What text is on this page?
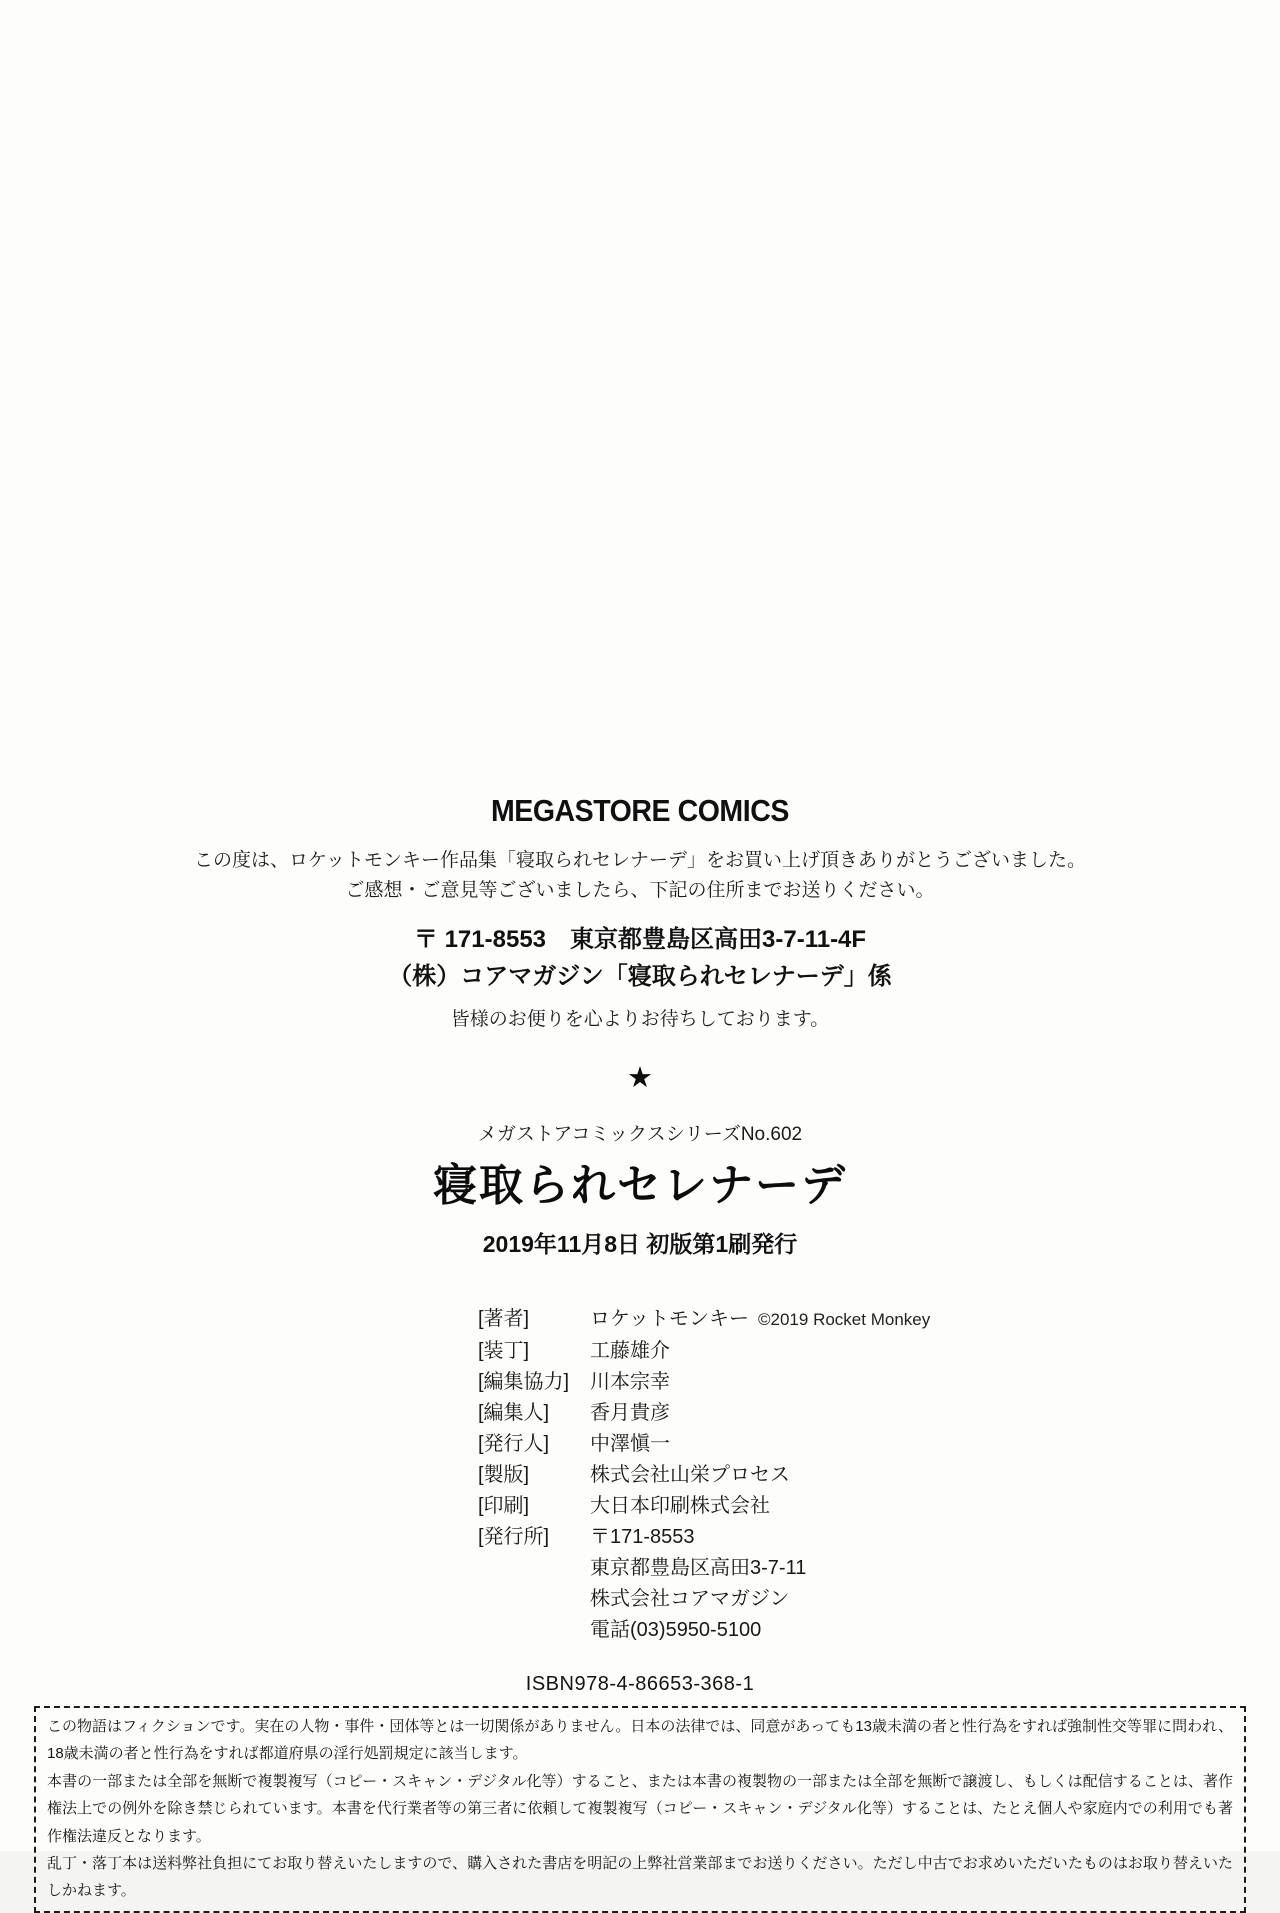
MEGASTORE COMICS
この度は、ロケットモンキー作品集「寝取られセレナーデ」をお買い上げ頂きありがとうございました。
ご感想・ご意見等ございましたら、下記の住所までお送りください。
〒 171-8553　東京都豊島区高田3-7-11-4F
（株）コアマガジン「寝取られセレナーデ」係
皆様のお便りを心よりお待ちしております。
★
メガストアコミックスシリーズNo.602
寝取られセレナーデ
2019年11月8日 初版第1刷発行
[著者]	ロケットモンキー ©2019 Rocket Monkey
[装丁]	工藤雄介
[編集協力]	川本宗幸
[編集人]	香月貴彦
[発行人]	中澤愼一
[製版]	株式会社山栄プロセス
[印刷]	大日本印刷株式会社
[発行所]	〒171-8553
東京都豊島区高田3-7-11
株式会社コアマガジン
電話(03)5950-5100
ISBN978-4-86653-368-1

この物語はフィクションです。実在の人物・事件・団体等とは一切関係がありません。日本の法律では、同意があっても13歳未満の者と性行為をすれば強制性交等罪に問われ、18歳未満の者と性行為をすれば都道府県の淫行処罰規定に該当します。

本書の一部または全部を無断で複製複写（コピー・スキャン・デジタル化等）すること、または本書の複製物の一部または全部を無断で譲渡し、もしくは配信することは、著作権法上での例外を除き禁じられています。本書を代行業者等の第三者に依頼して複製複写（コピー・スキャン・デジタル化等）することは、たとえ個人や家庭内での利用でも著作権法違反となります。

乱丁・落丁本は送料弊社負担にてお取り替えいたしますので、購入された書店を明記の上弊社営業部までお送りください。ただし中古でお求めいただいたものはお取り替えいたしかねます。
